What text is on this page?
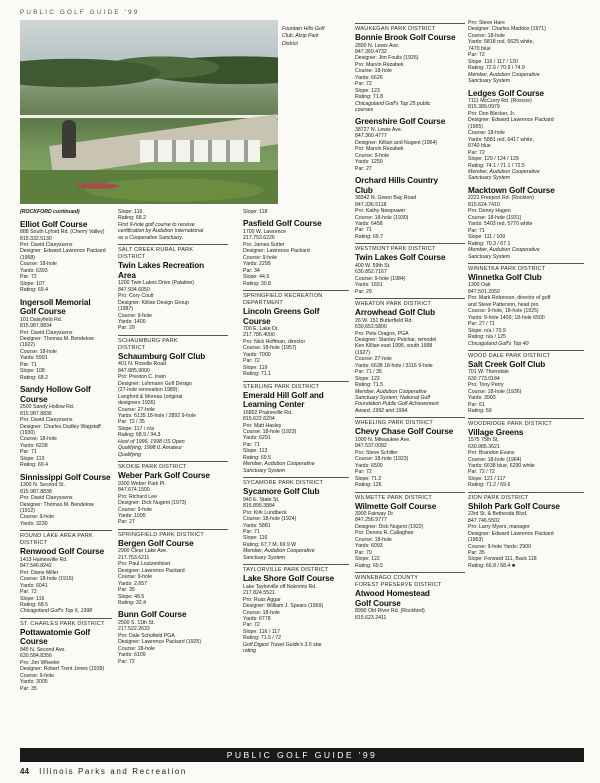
PUBLIC GOLF GUIDE '99
Fountain Hills Golf
Club, Alsip Park
District
(ROCKFORD continued)
Elliot Golf Course
888 South Lyford Rd. (Cherry Valley)
815.332.5130
Pro: David Claeyssens
Designer: Edward Lawrence Packard
(1968)
Course: 18-hole
Yards: 6393
Par: 72
Slope: 107
Rating: 69.4
Ingersoll Memorial
Golf Course
101 Daisyfield Rd.
815.987.8834
Pro: David Claeyssens
Designer: Thomas M. Bendelow
(1922)
Course: 18-hole
Yards: 5991
Par: 71
Slope: 108
Rating: 68.2
Sandy Hollow Golf Course
2500 Sandy Hollow Rd.
815.987.8836
Pro: David Claeyssens
Designer: Charles Dudley Wagstaff
(1930)
Course: 18-hole
Yards: 6228
Par: 71
Slope: 113
Rating: 69.4
Sinnissippi Golf Course
1300 N. Second St.
815.987.8838
Pro: David Claeyssens
Designer: Thomas M. Bendelow
(1912)
Course: 9-hole
Yards: 3230
ROUND LAKE AREA PARK
DISTRICT
Renwood Golf Course
1413 Hainesville Rd.
847.546.8242
Pro: Diane Miller
Course: 18-hole (1915)
Yards: 6041
Par: 72
Slope: 116
Rating: 68.5
Chicagoland Golf's Top 6, 1998
ST. CHARLES PARK DISTRICT
Pottawatomie Golf Course
845 N. Second Ave.
630.584.8356
Pro: Jim Wheeler
Designer: Robert Trent Jones (1939)
Course: 9-hole
Yards: 3005
Par: 35
Slope: 116
Rating: 68.2
First 9-hole golf course to receive
certification by Audubon International
as a Cooperative Sanctuary.
SALT CREEK RURAL PARK
DISTRICT
Twin Lakes Recreation
Area
1200 Twin Lakes Drive (Palatine)
847.934.6050
Pro: Cory Coult
Designer: Killian Design Group
(1987)
Course: 9-hole
Yards: 1400
Par: 29
SCHAUMBURG PARK
DISTRICT
Schaumburg Golf Club
401 N. Roselle Road
847.885.9000
Pro: Preston C. Irwin
Designer: Lohmann Golf Design
(27-hole renovation 1989);
Langford & Moreau (original
designers 1926)
Course: 27-hole
Yards: 6135 18-hole / 2892 9-hole
Par: 72 / 35
Slope: 117 / n/a
Rating: 68.9 / 34.3
Host of 1996, 1998 US Open
Qualifying; 1998 IL Amateur
Qualifying
SKOKIE PARK DISTRICT
Weber Park Golf Course
9300 Weber Park Pl.
847.674.1500
Pro: Richard Lee
Designer: Dick Nugent (1973)
Course: 9-hole
Yards: 1095
Par: 27
SPRINGFIELD PARK DISTRICT
Bergen Golf Course
2900 Clear Lake Ave.
217.753.6211
Pro: Paul Loutzenhiser
Designer: Lawrence Packard
Course: 9-hole
Yards: 2,657
Par: 35
Slope: 48.5
Rating: 32.4
Bunn Golf Course
2500 S. 11th St.
217.522.2633
Pro: Dale Schofield PGA
Designer: Lawrence Packard (1925)
Course: 18-hole
Yards: 6109
Par: 72
Slope: 118
Pasfield Golf Course
1700 W. Lawrence
217.753.6226
Pro: James Sutter
Designer: Lawrence Packard
Course: 9-hole
Yards: 2299
Par: 34
Slope: 44.5
Rating: 30.8
SPRINGFIELD RECREATION
DEPARTMENT
Lincoln Greens Golf
Course
700 E. Lake Dr.
217.786.4000
Pro: Nick Hoffman, director
Course: 18-hole (1957)
Yards: 7000
Par: 72
Slope: 119
Rating: 71.1
STERLING PARK DISTRICT
Emerald Hill Golf and
Learning Center
16802 Prairieville Rd.
815.622.6204
Pro: Matt Hasley
Course: 18-hole (1923)
Yards: 6291
Par: 71
Slope: 113
Rating: 69.5
Member, Audubon Cooperative
Sanctuary System
SYCAMORE PARK DISTRICT
Sycamore Golf Club
940 E. State St.
815.895.3884
Pro: Kirk Lundbeck
Course: 18-hole (1924)
Yards: 5881
Par: 71
Slope: 116
Rating: 67.7 M, 69.9 W
Member, Audubon Cooperative
Sanctuary System
TAYLORVILLE PARK DISTRICT
Lake Shore Golf Course
Lake Taylorville off Nokomis Rd.
217.824.5521
Pro: Russ Aggar
Designer: William J. Spears (1969)
Course: 18-hole
Yards: 6778
Par: 72
Slope: 116 / 117
Rating: 71.5 / 72
Golf Digest Travel Guide's 3.5 star
rating
WAUKEGAN PARK DISTRICT
Bonnie Brook Golf Course
2800 N. Lewis Ave.
847.360.4732
Designer: Jim Foulis (1926)
Pro: Marvin Rezabek
Course: 18-hole
Yards: 6626
Par: 72
Slope: 123
Rating: 71.8
Chicagoland Golf's Top 25 public
courses
Greenshire Golf Course
38727 N. Lewis Ave.
847.360.4777
Designer: Killian and Nugent (1964)
Pro: Marvin Rezabek
Course: 9-hole
Yards: 1250
Par: 27
Orchard Hills Country
Club
38342 N. Green Bay Road
847.336.5118
Pro: Kathy Newpower
Course: 18-hole (1930)
Yards: 6458
Par: 71
Rating: 69.7
WESTMONT PARK DISTRICT
Twin Lakes Golf Course
400 W. 59th St.
630.852.7167
Course: 9-hole (1984)
Yards: 1651
Par: 29
WHEATON PARK DISTRICT
Arrowhead Golf Club
26 W. 151 Butterfield Rd.
630.653.5800
Pro: Pete Dragos, PGA
Designer: Stanley Pelchar, remodel
Ken Killian east 1996, south 1998
(1927)
Course: 27-hole
Yards: 6638 18-hole / 3116 9-hole
Par: 71 / 35
Slope: 122
Rating: 71.5
Member, Audubon Cooperative
Sanctuary System; National Golf
Foundation Public Golf Achievement
Award, 1992 and 1994.
WHEELING PARK DISTRICT
Chevy Chase Golf Course
1000 N. Milwaukee Ave.
847.537.0082
Pro: Steve Schiller
Course: 18-hole (1923)
Yards: 6500
Par: 72
Slope: 71.2
Rating: 126
WILMETTE PARK DISTRICT
Wilmette Golf Course
3900 Fairway Dr.
847.256.9777
Designer: Dick Nugent (1922)
Pro: Dennis R. Callaghan
Course: 18-hole
Yards: 6093
Par: 70
Slope: 122
Rating: 69.5
WINNEBAGO COUNTY
FOREST PRESERVE DISTRICT
Atwood Homestead
Golf Course
8990 Old River Rd. (Rockford)
815.623.2411
Pro: Steve Hare
Designer: Charles Maddox (1971)
Course: 18-hole
Yards: 5818 red, 6625 white,
7470 blue
Par: 72
Slope: 116 / 117 / 120
Rating: 72.6 / 70.9 / 74.9
Member, Audubon Cooperative
Sanctuary System
Ledges Golf Course
7111 McCurry Rd. (Roscoe)
815.389.0979
Pro: Don Blecker, Jr.
Designer: Edward Lawrence Packard
(1965)
Course: 18-hole
Yards: 5881 red, 6417 white,
6740 blue
Par: 72
Slope: 129 / 124 / 129
Rating: 74.1 / 71.1 / 72.5
Member, Audubon Cooperative
Sanctuary System
Macktown Golf Course
2221 Freeport Rd. (Rockton)
815.624.7410
Pro: Denny Hagen
Course: 18-hole (1931)
Yards: 5403 red, 5770 white
Par: 71
Slope: 111 / 109
Rating: 70.3 / 67.1
Member, Audubon Cooperative
Sanctuary System
WINNETKA PARK DISTRICT
Winnetka Golf Club
1300 Oak
847.501.2050
Pro: Mark Roberson, director of golf
and Steve Patterson, head pro
Course: 9-hole, 18-hole (1925)
Yards: 9-hole 1400; 18-hole 6500
Par: 27 / 71
Slope: n/a / 70.9
Rating: n/a / 125
Chicagoland Golf's Top 40
WOOD DALE PARK DISTRICT
Salt Creek Golf Club
701 W. Thorndale
630.773.0184
Pro: Tony Perry
Course: 18-hole (1936)
Yards: 3903
Par: 61
Rating: 59
WOODRIDGE PARK DISTRICT
Village Greens
1575 75th St.
630.985.3621
Pro: Brandon Evans
Course: 18-hole (1964)
Yards: 6638 blue, 6290 white
Par: 72 / 72
Slope: 121 / 117
Rating: 71.2 / 69.6
ZION PARK DISTRICT
Shiloh Park Golf Course
23rd St. & Bethesda Blvd.
847.746.5502
Pro: Larry Myers, manager
Designer: Edward Lawrence Packard
(1963)
Course: 9-hole Yards: 2900
Par: 35
Slope: Forward 111, Back 118
Rating: 66.8 / 68.4 ■
PUBLIC GOLF GUIDE '99
44 Illinois Parks and Recreation
